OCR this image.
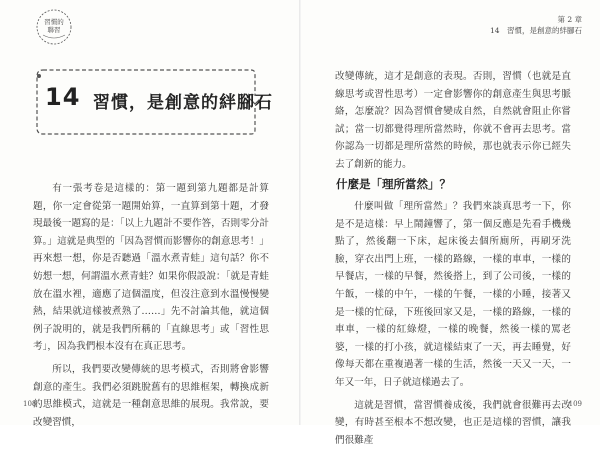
習慣的
聯習
14 習慣，是創意的絆腳石

有一張考卷是這樣的：第一題到第九題都是計算題，你一定會從第一題開始算，一直算到第十題，才發現最後一題寫的是：「以上九題計不要作答，否則零分計算。」這就是典型的「因為習慣而影響你的創意思考！」再來想一想，你是否聽過「溫水煮青蛙」這句話？你不妨想一想，何謂溫水煮青蛙？如果你假設說：「就是青蛙放在溫水裡，適應了這個溫度，但沒注意到水溫慢慢變熱，結果就這樣被煮熟了……」先不討論其他，就這個例子說明的，就是我們所稱的「直線思考」或「習性思考」，因為我們根本沒有在真正思考。

所以，我們要改變傳統的思考模式，否則將會影響創意的產生。我們必須跳脫舊有的思維框架，轉換成新的思維模式，這就是一種創意思維的展現。我常說，要改變習慣，

108
第 2 章
14　習慣，是創意的絆腳石

改變傳統，這才是創意的表現。否則，習慣（也就是直線思考或習性思考）一定會影響你的創意產生與思考脈絡，怎麼說？因為習慣會變成自然，自然就會阻止你嘗試；當一切都覺得理所當然時，你就不會再去思考。當你認為一切都是理所當然的時候，那也就表示你已經失去了創新的能力。

什麼是「理所當然」？

什麼叫做「理所當然」？我們來談真思考一下，你是不是這樣：早上鬧鐘響了，第一個反應是先看手機幾點了，然後翻一下床，起床後去個所廁所，再刷牙洗臉，穿衣出門上班，一樣的路線，一樣的車車，一樣的早餐店，一樣的早餐，然後搭上，到了公司後，一樣的午飯，一樣的中午，一樣的午餐，一樣的小睡，接著又是一樣的忙碌，下班後回家又是，一樣的路線，一樣的車車，一樣的紅綠燈，一樣的晚餐，然後一樣的罵老婆，一樣的打小孩，就這樣結束了一天，再去睡覺，好像每天都在重複過著一樣的生活，然後一天又一天，一年又一年，日子就這樣過去了。

這就是習慣，當習慣養成後，我們就會很難再去改變，有時甚至根本不想改變，也正是這樣的習慣，讓我們很難產

109
